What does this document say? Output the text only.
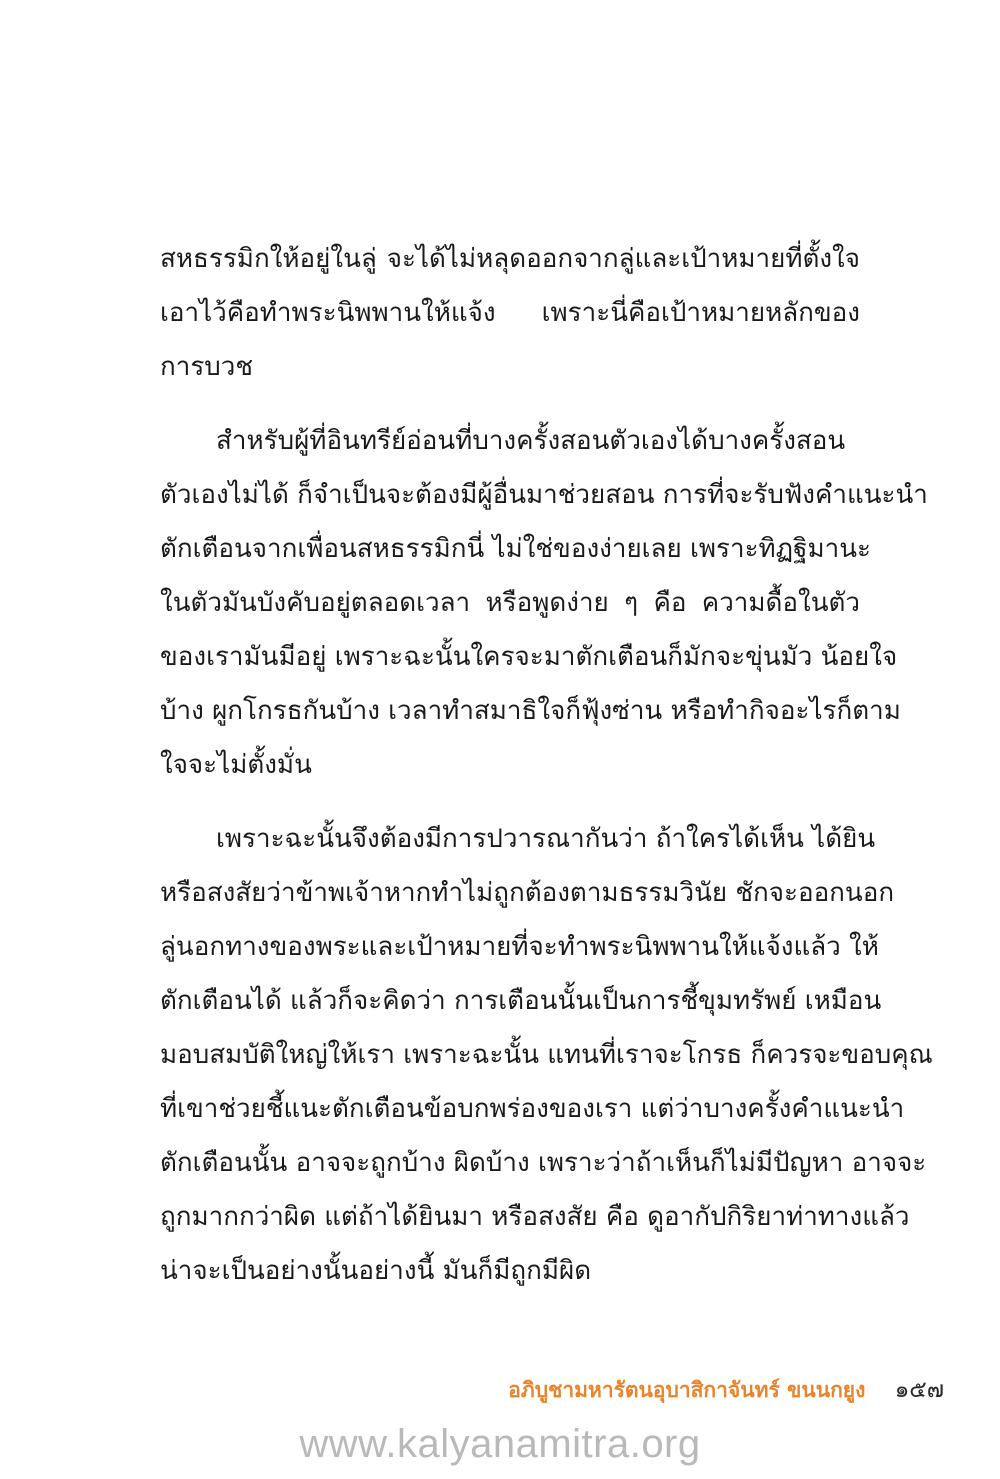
สหธรรมิกให้อยู่ในลู่ จะได้ไม่หลุดออกจากลู่และเป้าหมายที่ตั้งใจ
เอาไว้คือทำพระนิพพานให้แจ้ง เพราะนี่คือเป้าหมายหลักของ
การบวช
สำหรับผู้ที่อินทรีย์อ่อนที่บางครั้งสอนตัวเองได้บางครั้งสอน
ตัวเองไม่ได้ ก็จำเป็นจะต้องมีผู้อื่นมาช่วยสอน การที่จะรับฟังคำแนะนำ
ตักเตือนจากเพื่อนสหธรรมิกนี่ ไม่ใช่ของง่ายเลย เพราะทิฏฐิมานะ
ในตัวมันบังคับอยู่ตลอดเวลา หรือพูดง่าย ๆ คือ ความดื้อในตัว
ของเรามันมีอยู่ เพราะฉะนั้นใครจะมาตักเตือนก็มักจะขุ่นมัว น้อยใจ
บ้าง ผูกโกรธกันบ้าง เวลาทำสมาธิใจก็ฟุ้งซ่าน หรือทำกิจอะไรก็ตาม
ใจจะไม่ตั้งมั่น
เพราะฉะนั้นจึงต้องมีการปวารณากันว่า ถ้าใครได้เห็น ได้ยิน
หรือสงสัยว่าข้าพเจ้าหากทำไม่ถูกต้องตามธรรมวินัย ชักจะออกนอก
ลู่นอกทางของพระและเป้าหมายที่จะทำพระนิพพานให้แจ้งแล้ว ให้
ตักเตือนได้ แล้วก็จะคิดว่า การเตือนนั้นเป็นการชี้ขุมทรัพย์ เหมือน
มอบสมบัติใหญ่ให้เรา เพราะฉะนั้น แทนที่เราจะโกรธ ก็ควรจะขอบคุณ
ที่เขาช่วยชี้แนะตักเตือนข้อบกพร่องของเรา แต่ว่าบางครั้งคำแนะนำ
ตักเตือนนั้น อาจจะถูกบ้าง ผิดบ้าง เพราะว่าถ้าเห็นก็ไม่มีปัญหา อาจจะ
ถูกมากกว่าผิด แต่ถ้าได้ยินมา หรือสงสัย คือ ดูอากัปกิริยาท่าทางแล้ว
น่าจะเป็นอย่างนั้นอย่างนี้ มันก็มีถูกมีผิด
อภิบูชามหารัตนอุบาสิกาจันทร์ ขนนกยูง ๑๕๗
www.kalyanamitra.org
